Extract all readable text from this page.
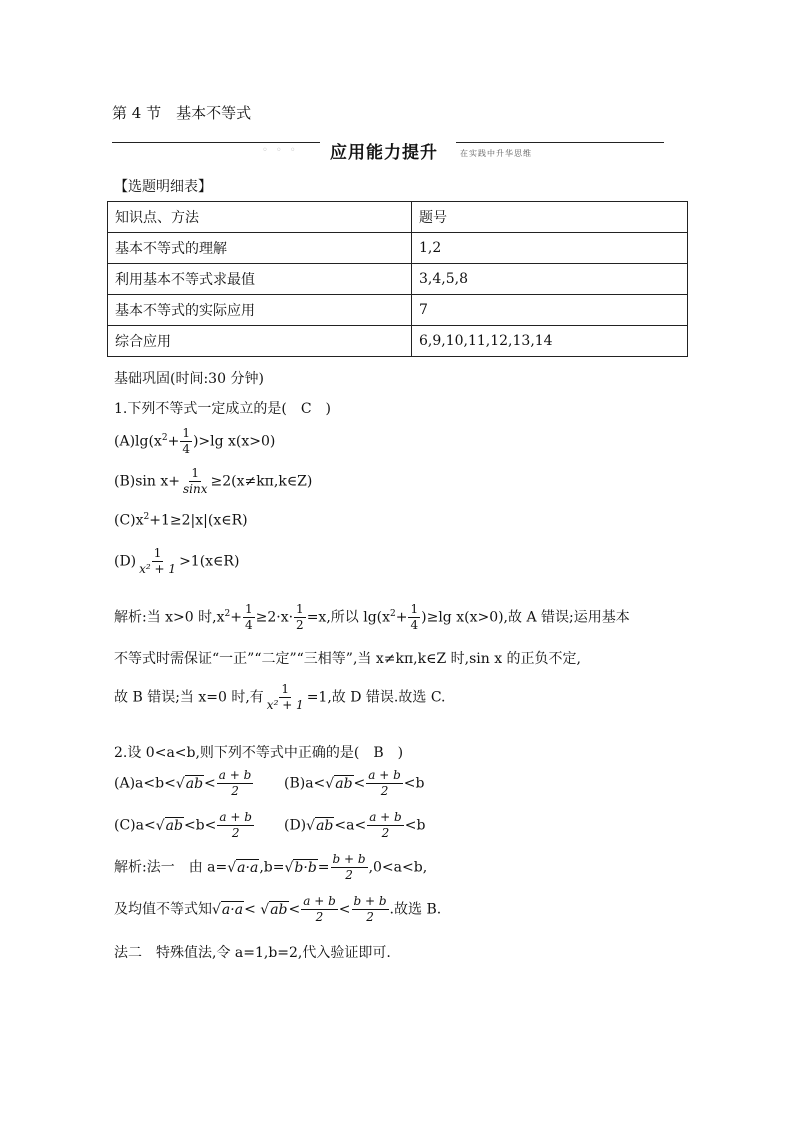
第 4 节　基本不等式
◦◦◦ 应用能力提升	在实践中升华思维
【选题明细表】
知识点、方法	题号
基本不等式的理解	1,2
利用基本不等式求最值	3,4,5,8
基本不等式的实际应用	7
综合应用	6,9,10,11,12,13,14
基础巩固(时间:30 分钟)
1.下列不等式一定成立的是(　C　)
$(A)\lg(x^2+ \frac{1}{4} )>\lg$ x(x>0)
(B)sin $x+ \frac{1}{\sin x}$ ≥2(x≠kπ,k∈Z)
$(C)x^2+1\ge 2|x|(x\in R)$
$(D) \frac{1}{\text{x² + 1}}$ >1(x∈R)
解析:当 x>0 时$,x^2+ \frac{1}{4} \ge 2\cdot x\cdot \frac{1}{2} =x$,所以 $\lg(x^2+ \frac{1}{4} )\ge\lg$ x(x>0),故 A 错误;运用基本
不等式时需保证“一正”“二定”“三相等”,当 x≠kπ,k∈Z 时,sin x 的正负不定,
故 B 错误;当 x=0 时,有 $\frac{1}{\text{x² + 1}} =1$,故 D 错误.故选 C.
2.设 0<a<b,则下列不等式中正确的是(　B　)
$(A)a<b<√ab< \frac{a + b}{2} (B)a<√ab< \frac{a + b}{2} <b$
$(C)a<√ab<b< \frac{a + b}{2} (D)√ab<a< \frac{a + b}{2} <b$
解析:法一　由 $a=√a\cdot a,b=√b\cdot b= \frac{b + b}{2} ,0<a<b$,
及均值不等式知$√a\cdot a< √ab< \frac{a + b}{2} < \frac{b + b}{2}$ .故选 B.
法二　特殊值法,令 a=1,b=2,代入验证即可.
